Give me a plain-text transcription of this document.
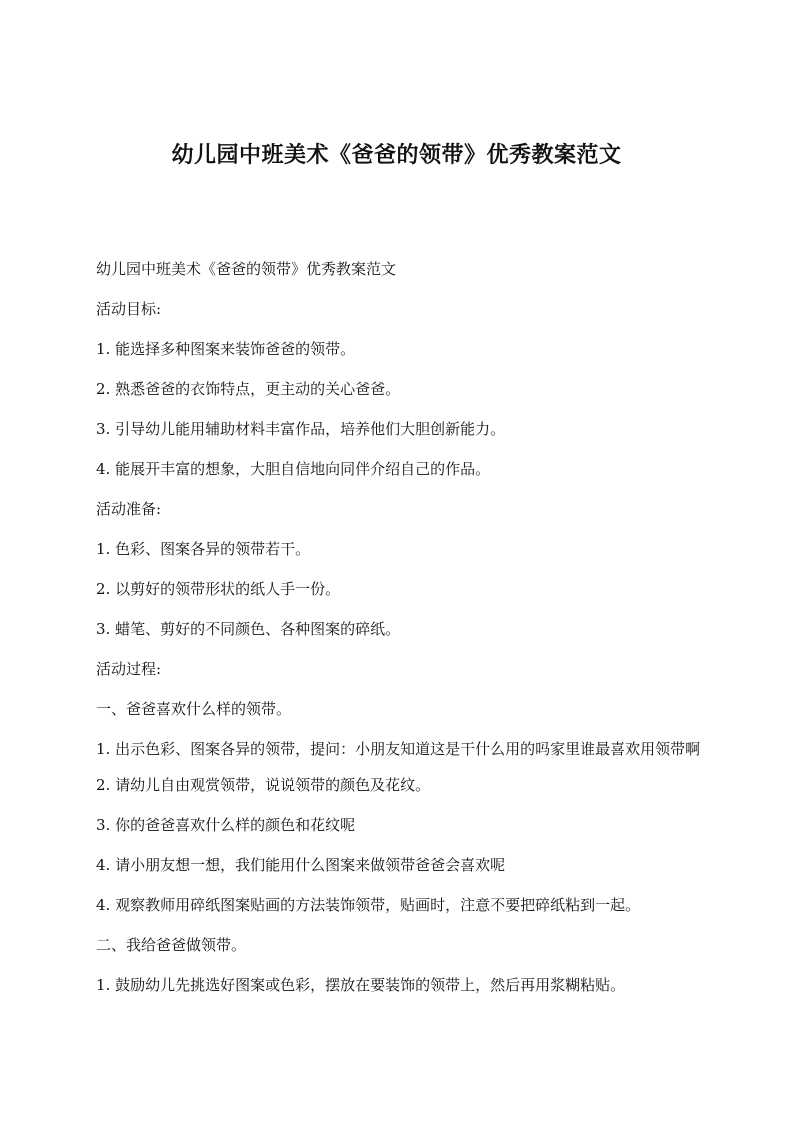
幼儿园中班美术《爸爸的领带》优秀教案范文

幼儿园中班美术《爸爸的领带》优秀教案范文

活动目标:

1. 能选择多种图案来装饰爸爸的领带。

2. 熟悉爸爸的衣饰特点，更主动的关心爸爸。

3. 引导幼儿能用辅助材料丰富作品，培养他们大胆创新能力。

4. 能展开丰富的想象，大胆自信地向同伴介绍自己的作品。

活动准备:

1. 色彩、图案各异的领带若干。

2. 以剪好的领带形状的纸人手一份。

3. 蜡笔、剪好的不同颜色、各种图案的碎纸。

活动过程:

一、爸爸喜欢什么样的领带。

1. 出示色彩、图案各异的领带，提问：小朋友知道这是干什么用的吗家里谁最喜欢用领带啊

2. 请幼儿自由观赏领带，说说领带的颜色及花纹。

3. 你的爸爸喜欢什么样的颜色和花纹呢

4. 请小朋友想一想，我们能用什么图案来做领带爸爸会喜欢呢

4. 观察教师用碎纸图案贴画的方法装饰领带，贴画时，注意不要把碎纸粘到一起。

二、我给爸爸做领带。

1. 鼓励幼儿先挑选好图案或色彩，摆放在要装饰的领带上，然后再用浆糊粘贴。
